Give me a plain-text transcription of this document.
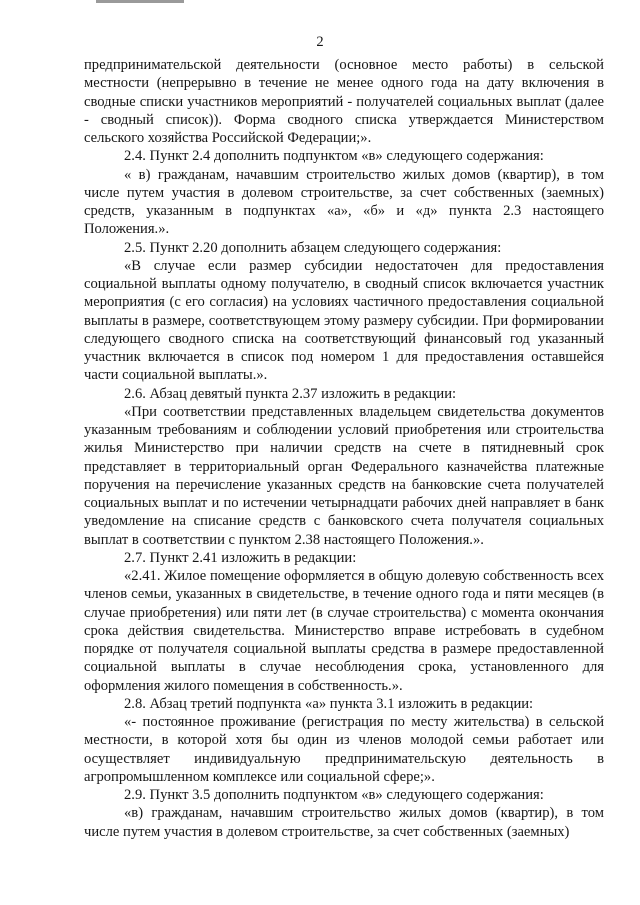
2

предпринимательской деятельности (основное место работы) в сельской местности (непрерывно в течение не менее одного года на дату включения в сводные списки участников мероприятий - получателей социальных выплат (далее - сводный список)). Форма сводного списка утверждается Министерством сельского хозяйства Российской Федерации;».

2.4. Пункт 2.4 дополнить подпунктом «в» следующего содержания:

« в) гражданам, начавшим строительство жилых домов (квартир), в том числе путем участия в долевом строительстве, за счет собственных (заемных) средств, указанным в подпунктах «а», «б» и «д» пункта 2.3 настоящего Положения.».

2.5. Пункт 2.20 дополнить абзацем следующего содержания:

«В случае если размер субсидии недостаточен для предоставления социальной выплаты одному получателю, в сводный список включается участник мероприятия (с его согласия) на условиях частичного предоставления социальной выплаты в размере, соответствующем этому размеру субсидии. При формировании следующего сводного списка на соответствующий финансовый год указанный участник включается в список под номером 1 для предоставления оставшейся части социальной выплаты.».

2.6. Абзац девятый пункта 2.37 изложить в редакции:

«При соответствии представленных владельцем свидетельства документов указанным требованиям и соблюдении условий приобретения или строительства жилья Министерство при наличии средств на счете в пятидневный срок представляет в территориальный орган Федерального казначейства платежные поручения на перечисление указанных средств на банковские счета получателей социальных выплат и по истечении четырнадцати рабочих дней направляет в банк уведомление на списание средств с банковского счета получателя социальных выплат в соответствии с пунктом 2.38 настоящего Положения.».

2.7. Пункт 2.41 изложить в редакции:

«2.41. Жилое помещение оформляется в общую долевую собственность всех членов семьи, указанных в свидетельстве, в течение одного года и пяти месяцев (в случае приобретения) или пяти лет (в случае строительства) с момента окончания срока действия свидетельства. Министерство вправе истребовать в судебном порядке от получателя социальной выплаты средства в размере предоставленной социальной выплаты в случае несоблюдения срока, установленного для оформления жилого помещения в собственность.».

2.8. Абзац третий подпункта «а» пункта 3.1 изложить в редакции:

«- постоянное проживание (регистрация по месту жительства) в сельской местности, в которой хотя бы один из членов молодой семьи работает или осуществляет индивидуальную предпринимательскую деятельность в агропромышленном комплексе или социальной сфере;».

2.9. Пункт 3.5 дополнить подпунктом «в» следующего содержания:

«в) гражданам, начавшим строительство жилых домов (квартир), в том числе путем участия в долевом строительстве, за счет собственных (заемных)
